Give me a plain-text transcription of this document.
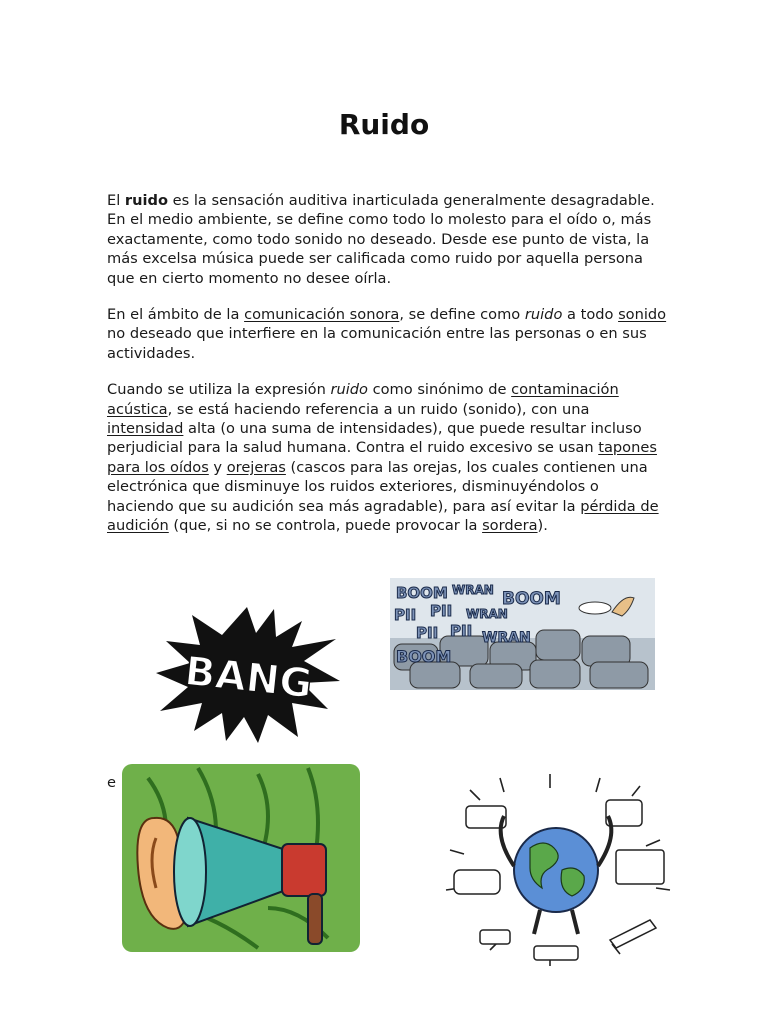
Ruido

El ruido es la sensación auditiva inarticulada generalmente desagradable. En el medio ambiente, se define como todo lo molesto para el oído o, más exactamente, como todo sonido no deseado. Desde ese punto de vista, la más excelsa música puede ser calificada como ruido por aquella persona que en cierto momento no desee oírla.

En el ámbito de la comunicación sonora, se define como ruido a todo sonido no deseado que interfiere en la comunicación entre las personas o en sus actividades.

Cuando se utiliza la expresión ruido como sinónimo de contaminación acústica, se está haciendo referencia a un ruido (sonido), con una intensidad alta (o una suma de intensidades), que puede resultar incluso perjudicial para la salud humana. Contra el ruido excesivo se usan tapones para los oídos y orejeras (cascos para las orejas, los cuales contienen una electrónica que disminuye los ruidos exteriores, disminuyéndolos o haciendo que su audición sea más agradable), para así evitar la pérdida de audición (que, si no se controla, puede provocar la sordera).

BANG
BOOM WRAN BOOM
PII PII WRAN
PII PII WRAN
BOOM
e
